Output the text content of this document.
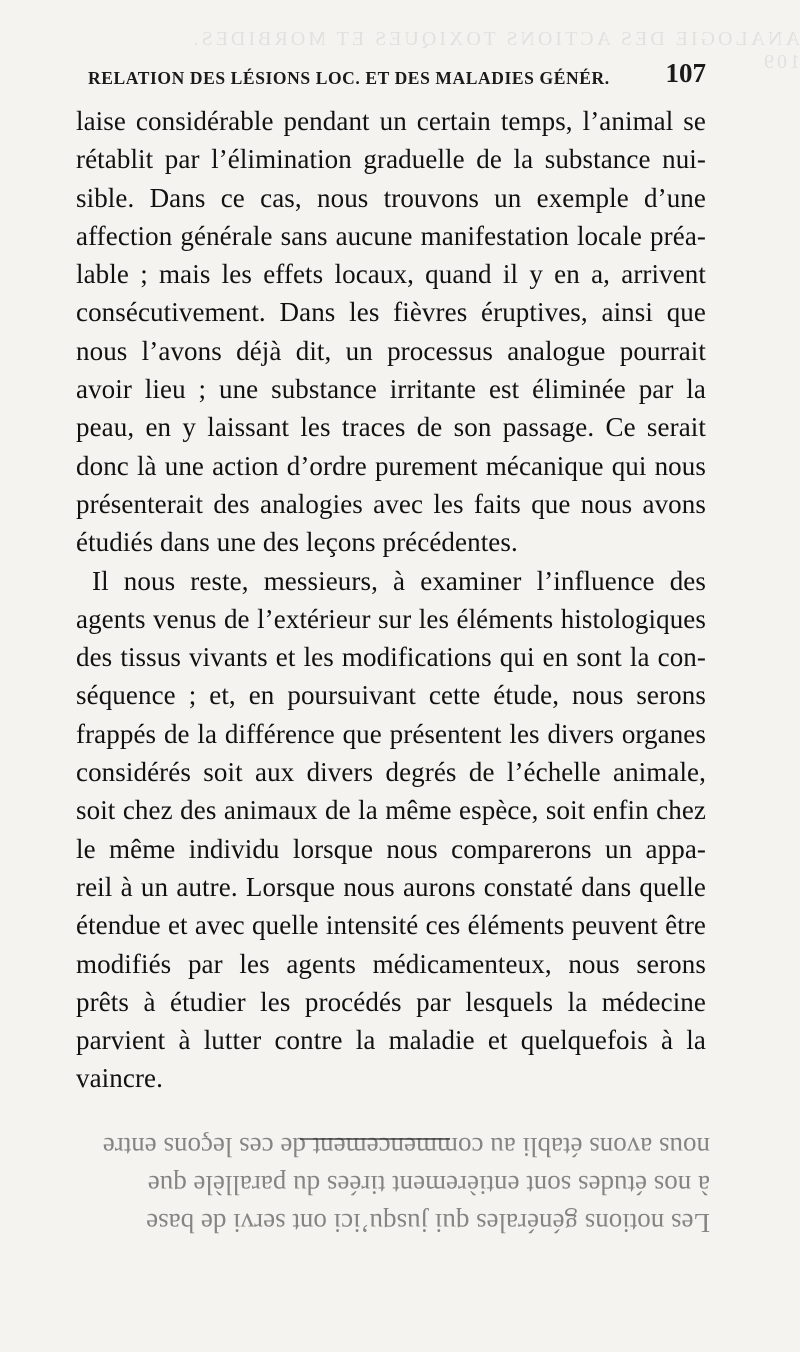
ANALOGIE DES ACTIONS TOXIQUES ET MORBIDES. 109
RELATION DES LÉSIONS LOC. ET DES MALADIES GÉNÉR. 107
laise considérable pendant un certain temps, l’animal se
rétablit par l’élimination graduelle de la substance nui-
sible. Dans ce cas, nous trouvons un exemple d’une
affection générale sans aucune manifestation locale préa-
lable ; mais les effets locaux, quand il y en a, arrivent
consécutivement. Dans les fièvres éruptives, ainsi que
nous l’avons déjà dit, un processus analogue pourrait
avoir lieu ; une substance irritante est éliminée par la
peau, en y laissant les traces de son passage. Ce serait
donc là une action d’ordre purement mécanique qui nous
présenterait des analogies avec les faits que nous avons
étudiés dans une des leçons précédentes.
Il nous reste, messieurs, à examiner l’influence des
agents venus de l’extérieur sur les éléments histologiques
des tissus vivants et les modifications qui en sont la con-
séquence ; et, en poursuivant cette étude, nous serons
frappés de la différence que présentent les divers organes
considérés soit aux divers degrés de l’échelle animale,
soit chez des animaux de la même espèce, soit enfin chez
le même individu lorsque nous comparerons un appa-
reil à un autre. Lorsque nous aurons constaté dans quelle
étendue et avec quelle intensité ces éléments peuvent être
modifiés par les agents médicamenteux, nous serons
prêts à étudier les procédés par lesquels la médecine
parvient à lutter contre la maladie et quelquefois à la
vaincre.
Les notions générales qui jusqu’ici ont servi de base
à nos études sont entièrement tirées du parallèle que
nous avons établi au commencement de ces leçons entre
